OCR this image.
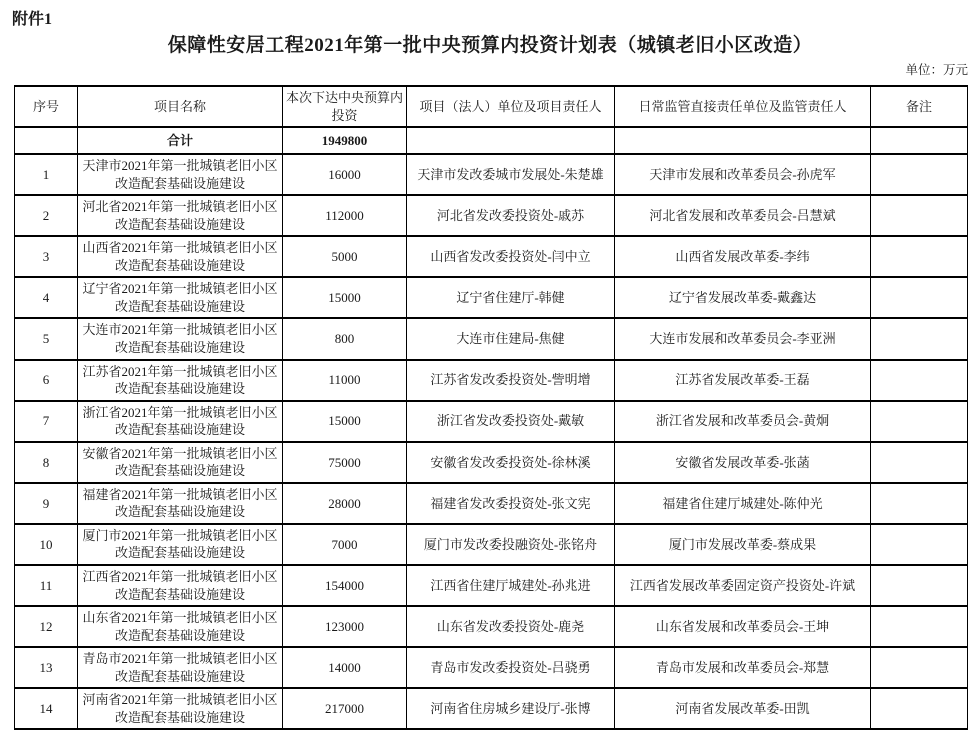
附件1
保障性安居工程2021年第一批中央预算内投资计划表（城镇老旧小区改造）
单位：万元
序号	项目名称	本次下达中央预算内投资	项目（法人）单位及项目责任人	日常监管直接责任单位及监管责任人	备注
	合计	1949800			
1	天津市2021年第一批城镇老旧小区改造配套基础设施建设	16000	天津市发改委城市发展处-朱楚雄	天津市发展和改革委员会-孙虎军	
2	河北省2021年第一批城镇老旧小区改造配套基础设施建设	112000	河北省发改委投资处-戚苏	河北省发展和改革委员会-吕慧斌	
3	山西省2021年第一批城镇老旧小区改造配套基础设施建设	5000	山西省发改委投资处-闫中立	山西省发展改革委-李纬	
4	辽宁省2021年第一批城镇老旧小区改造配套基础设施建设	15000	辽宁省住建厅-韩健	辽宁省发展改革委-戴鑫达	
5	大连市2021年第一批城镇老旧小区改造配套基础设施建设	800	大连市住建局-焦健	大连市发展和改革委员会-李亚洲	
6	江苏省2021年第一批城镇老旧小区改造配套基础设施建设	11000	江苏省发改委投资处-訾明增	江苏省发展改革委-王磊	
7	浙江省2021年第一批城镇老旧小区改造配套基础设施建设	15000	浙江省发改委投资处-戴敏	浙江省发展和改革委员会-黄炯	
8	安徽省2021年第一批城镇老旧小区改造配套基础设施建设	75000	安徽省发改委投资处-徐林溪	安徽省发展改革委-张菡	
9	福建省2021年第一批城镇老旧小区改造配套基础设施建设	28000	福建省发改委投资处-张文宪	福建省住建厅城建处-陈仲光	
10	厦门市2021年第一批城镇老旧小区改造配套基础设施建设	7000	厦门市发改委投融资处-张铭舟	厦门市发展改革委-蔡成果	
11	江西省2021年第一批城镇老旧小区改造配套基础设施建设	154000	江西省住建厅城建处-孙兆进	江西省发展改革委固定资产投资处-许斌	
12	山东省2021年第一批城镇老旧小区改造配套基础设施建设	123000	山东省发改委投资处-鹿尧	山东省发展和改革委员会-王坤	
13	青岛市2021年第一批城镇老旧小区改造配套基础设施建设	14000	青岛市发改委投资处-吕骁勇	青岛市发展和改革委员会-郑慧	
14	河南省2021年第一批城镇老旧小区改造配套基础设施建设	217000	河南省住房城乡建设厅-张博	河南省发展改革委-田凯	
